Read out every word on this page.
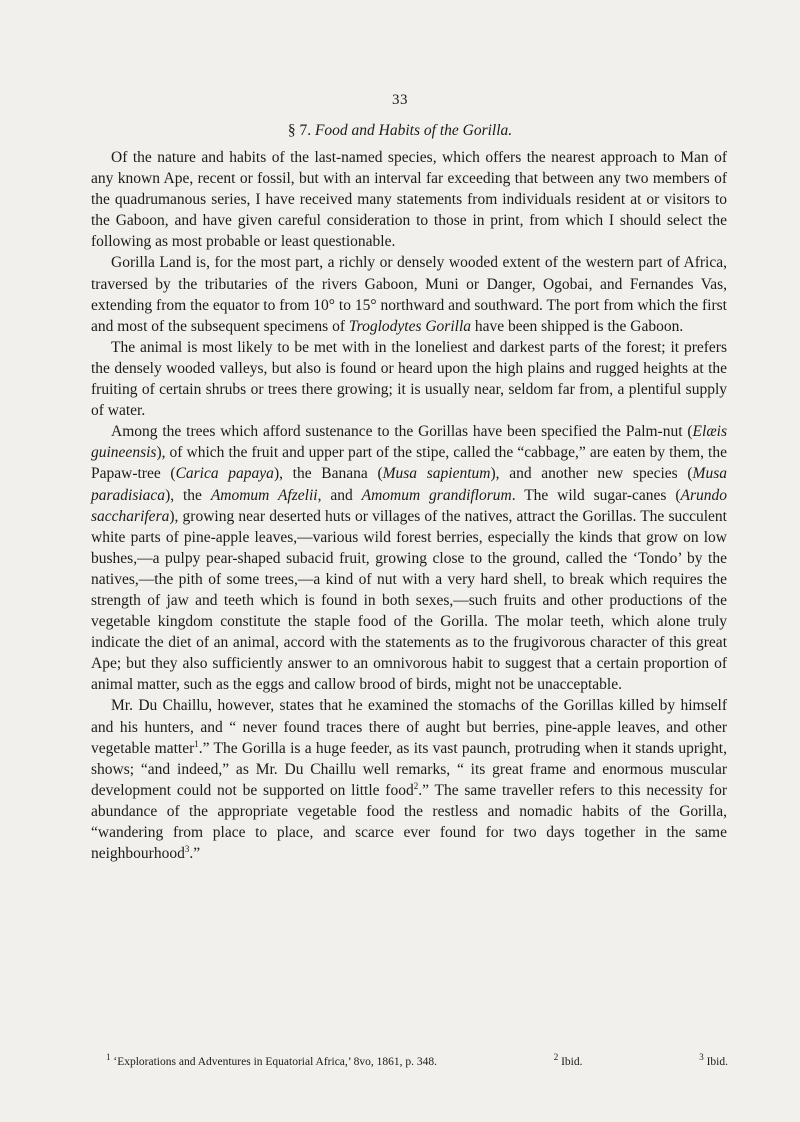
33
§ 7. Food and Habits of the Gorilla.

Of the nature and habits of the last-named species, which offers the nearest approach to Man of any known Ape, recent or fossil, but with an interval far exceeding that between any two members of the quadrumanous series, I have received many statements from individuals resident at or visitors to the Gaboon, and have given careful consideration to those in print, from which I should select the following as most probable or least questionable.

Gorilla Land is, for the most part, a richly or densely wooded extent of the western part of Africa, traversed by the tributaries of the rivers Gaboon, Muni or Danger, Ogobai, and Fernandes Vas, extending from the equator to from 10° to 15° northward and southward. The port from which the first and most of the subsequent specimens of Troglodytes Gorilla have been shipped is the Gaboon.

The animal is most likely to be met with in the loneliest and darkest parts of the forest; it prefers the densely wooded valleys, but also is found or heard upon the high plains and rugged heights at the fruiting of certain shrubs or trees there growing; it is usually near, seldom far from, a plentiful supply of water.

Among the trees which afford sustenance to the Gorillas have been specified the Palm-nut (Elæis guineensis), of which the fruit and upper part of the stipe, called the “cabbage,” are eaten by them, the Papaw-tree (Carica papaya), the Banana (Musa sapientum), and another new species (Musa paradisiaca), the Amomum Afzelii, and Amomum grandiflorum. The wild sugar-canes (Arundo saccharifera), growing near deserted huts or villages of the natives, attract the Gorillas. The succulent white parts of pine-apple leaves,—various wild forest berries, especially the kinds that grow on low bushes,—a pulpy pear-shaped subacid fruit, growing close to the ground, called the ‘Tondo’ by the natives,—the pith of some trees,—a kind of nut with a very hard shell, to break which requires the strength of jaw and teeth which is found in both sexes,—such fruits and other productions of the vegetable kingdom constitute the staple food of the Gorilla. The molar teeth, which alone truly indicate the diet of an animal, accord with the statements as to the frugivorous character of this great Ape; but they also sufficiently answer to an omnivorous habit to suggest that a certain proportion of animal matter, such as the eggs and callow brood of birds, might not be unacceptable.

Mr. Du Chaillu, however, states that he examined the stomachs of the Gorillas killed by himself and his hunters, and “ never found traces there of aught but berries, pine-apple leaves, and other vegetable matter$^1$.” The Gorilla is a huge feeder, as its vast paunch, protruding when it stands upright, shows; “and indeed,” as Mr. Du Chaillu well remarks, “ its great frame and enormous muscular development could not be supported on little food$^2$.” The same traveller refers to this necessity for abundance of the appropriate vegetable food the restless and nomadic habits of the Gorilla, “wandering from place to place, and scarce ever found for two days together in the same neighbourhood$^3$.”

$^1$ ‘Explorations and Adventures in Equatorial Africa,’ 8vo, 1861, p. 348.	$^2$ Ibid.	$^3$ Ibid.
